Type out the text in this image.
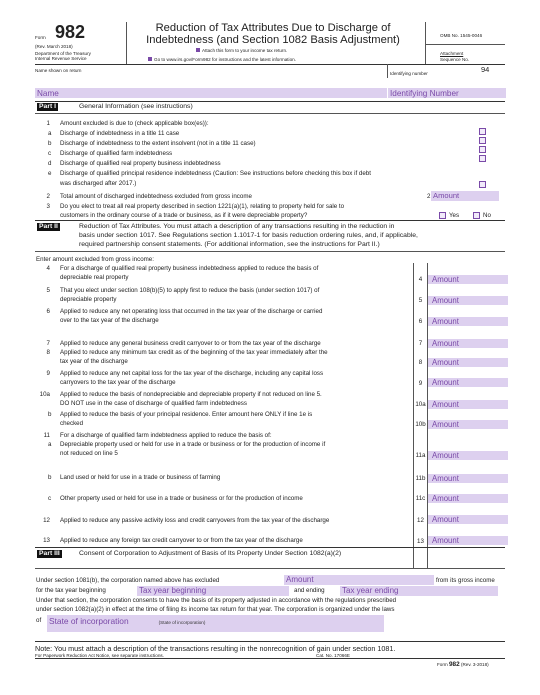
Form 982
(Rev. March 2018)
Department of the Treasury
Internal Revenue Service
Reduction of Tax Attributes Due to Discharge of
Indebtedness (and Section 1082 Basis Adjustment)
Attach this form to your income tax return.
Go to www.irs.gov/Form982 for instructions and the latest information.
OMB No. 1545-0046
Attachment
Sequence No.
94
Name shown on return
Identifying number
Name	Identifying Number
Part I	General Information (see instructions)
1 Amount excluded is due to (check applicable box(es)):
a Discharge of indebtedness in a title 11 case
b Discharge of indebtedness to the extent insolvent (not in a title 11 case)
c Discharge of qualified farm indebtedness
d Discharge of qualified real property business indebtedness
e Discharge of qualified principal residence indebtedness (Caution: See instructions before checking this box if debt
was discharged after 2017.)
2 Total amount of discharged indebtedness excluded from gross income	2 Amount
3 Do you elect to treat all real property described in section 1221(a)(1), relating to property held for sale to
customers in the ordinary course of a trade or business, as if it were depreciable property?	Yes	No
Part II	Reduction of Tax Attributes. You must attach a description of any transactions resulting in the reduction in
basis under section 1017. See Regulations section 1.1017-1 for basis reduction ordering rules, and, if applicable,
required partnership consent statements. (For additional information, see the instructions for Part II.)
Enter amount excluded from gross income:
4 For a discharge of qualified real property business indebtedness applied to reduce the basis of
depreciable real property	4	Amount
5 That you elect under section 108(b)(5) to apply first to reduce the basis (under section 1017) of
depreciable property	5	Amount
6 Applied to reduce any net operating loss that occurred in the tax year of the discharge or carried
over to the tax year of the discharge	6	Amount
7 Applied to reduce any general business credit carryover to or from the tax year of the discharge	7	Amount
8 Applied to reduce any minimum tax credit as of the beginning of the tax year immediately after the
tax year of the discharge	8	Amount
9 Applied to reduce any net capital loss for the tax year of the discharge, including any capital loss
carryovers to the tax year of the discharge	9	Amount
10a Applied to reduce the basis of nondepreciable and depreciable property if not reduced on line 5.
DO NOT use in the case of discharge of qualified farm indebtedness	10a Amount
b Applied to reduce the basis of your principal residence. Enter amount here ONLY if line 1e is
checked	10b Amount
11 For a discharge of qualified farm indebtedness applied to reduce the basis of:
a Depreciable property used or held for use in a trade or business or for the production of income if
not reduced on line 5	11a Amount
b Land used or held for use in a trade or business of farming	11b Amount
c Other property used or held for use in a trade or business or for the production of income	11c Amount
12 Applied to reduce any passive activity loss and credit carryovers from the tax year of the discharge	12	Amount
13 Applied to reduce any foreign tax credit carryover to or from the tax year of the discharge	13	Amount
Part III	Consent of Corporation to Adjustment of Basis of Its Property Under Section 1082(a)(2)
Under section 1081(b), the corporation named above has excluded	Amount	from its gross income
for the tax year beginning	Tax year beginning	and ending Tax year ending
Under that section, the corporation consents to have the basis of its property adjusted in accordance with the regulations prescribed
under section 1082(a)(2) in effect at the time of filing its income tax return for that year. The corporation is organized under the laws
of State of incorporation	(State of incorporation)
Note: You must attach a description of the transactions resulting in the nonrecognition of gain under section 1081.
For Paperwork Reduction Act Notice, see separate instructions.	Cat. No. 17066E
Form 982 (Rev. 3-2018)
